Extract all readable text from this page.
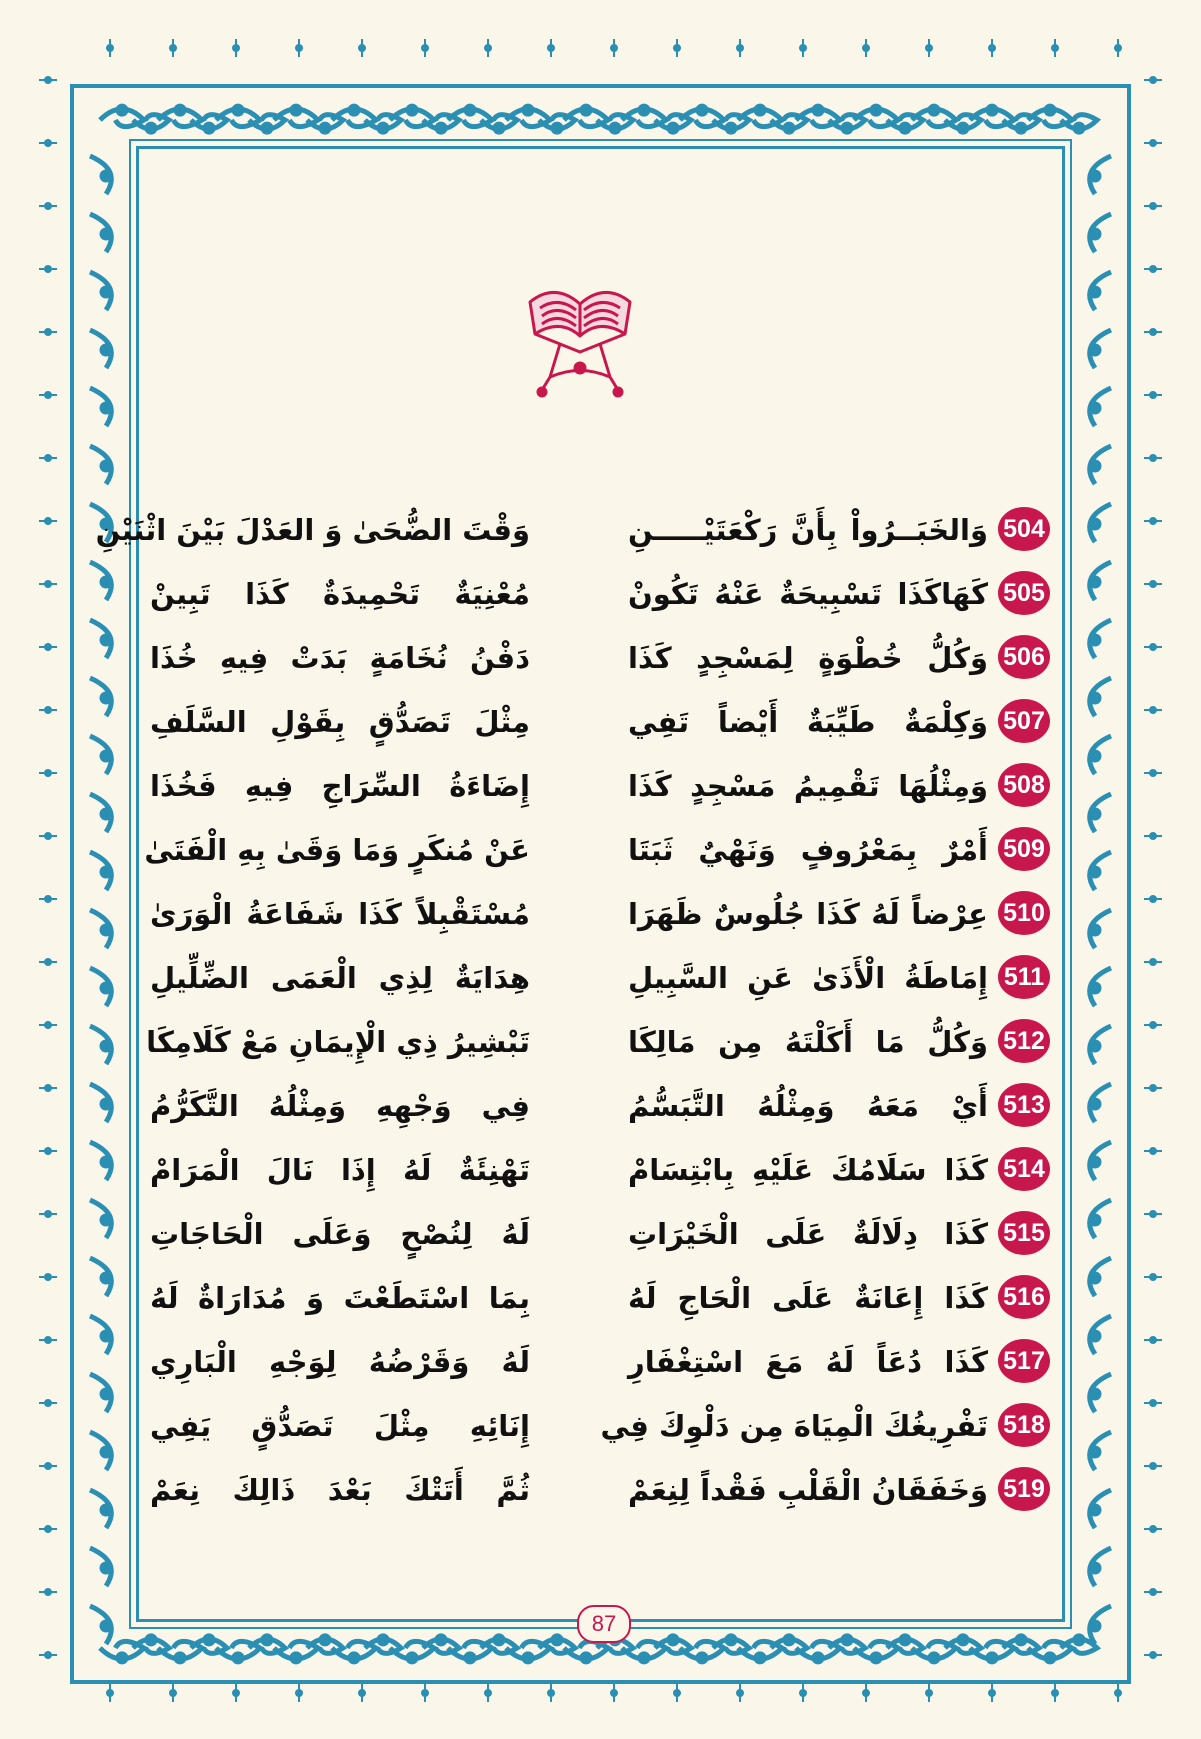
504
وَالخَبَــرُواْ بِأَنَّ رَكْعَتَيْـــــنِ
وَقْتَ الضُّحَىٰ وَ العَدْلَ بَيْنَ اثْنَيْنِ
505
كَهَاكَذَا تَسْبِيحَةٌ عَنْهُ تَكُونْ
مُعْنِيَةٌ تَحْمِيدَةٌ كَذَا تَبِينْ
506
وَكُلُّ خُطْوَةٍ لِمَسْجِدٍ كَذَا
دَفْنُ نُخَامَةٍ بَدَتْ فِيهِ خُذَا
507
وَكِلْمَةٌ طَيِّبَةٌ أَيْضاً تَفِي
مِثْلَ تَصَدُّقٍ بِقَوْلِ السَّلَفِ
508
وَمِثْلُهَا تَقْمِيمُ مَسْجِدٍ كَذَا
إِضَاءَةُ السِّرَاجِ فِيهِ فَخُذَا
509
أَمْرٌ بِمَعْرُوفٍ وَنَهْيٌ ثَبَتَا
عَنْ مُنكَرٍ وَمَا وَقَىٰ بِهِ الْفَتَىٰ
510
عِرْضاً لَهُ كَذَا جُلُوسٌ ظَهَرَا
مُسْتَقْبِلاً كَذَا شَفَاعَةُ الْوَرَىٰ
511
إِمَاطَةُ الْأَذَىٰ عَنِ السَّبِيلِ
هِدَايَةٌ لِذِي الْعَمَى الضِّلِّيلِ
512
وَكُلُّ مَا أَكَلْتَهُ مِن مَالِكَا
تَبْشِيرُ ذِي الْإِيمَانِ مَعْ كَلَامِكَا
513
أَيْ مَعَهُ وَمِثْلُهُ التَّبَسُّمُ
فِي وَجْهِهِ وَمِثْلُهُ التَّكَرُّمُ
514
كَذَا سَلَامُكَ عَلَيْهِ بِابْتِسَامْ
تَهْنِئَةٌ لَهُ إِذَا نَالَ الْمَرَامْ
515
كَذَا دِلَالَةٌ عَلَى الْخَيْرَاتِ
لَهُ لِنُصْحٍ وَعَلَى الْحَاجَاتِ
516
كَذَا إِعَانَةٌ عَلَى الْحَاجِ لَهُ
بِمَا اسْتَطَعْتَ وَ مُدَارَاةٌ لَهُ
517
كَذَا دُعَاً لَهُ مَعَ اسْتِغْفَارِ
لَهُ وَقَرْضُهُ لِوَجْهِ الْبَارِي
518
تَفْرِيغُكَ الْمِيَاهَ مِن دَلْوِكَ فِي
إِنَائِهِ مِثْلَ تَصَدُّقٍ يَفِي
519
وَخَفَقَانُ الْقَلْبِ فَقْداً لِنِعَمْ
ثُمَّ أَتَتْكَ بَعْدَ ذَالِكَ نِعَمْ
87
